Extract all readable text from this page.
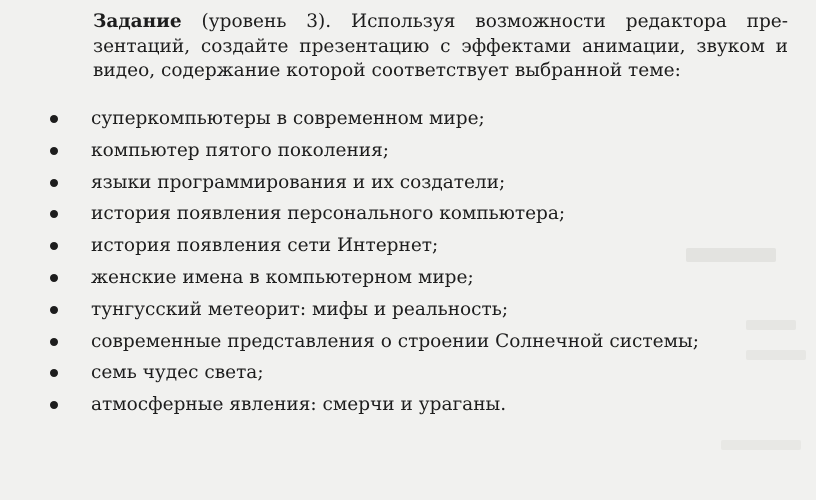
Задание (уровень 3). Используя возможности редактора пре-зентаций, создайте презентацию с эффектами анимации, звуком и видео, содержание которой соответствует выбранной теме:
суперкомпьютеры в современном мире;
компьютер пятого поколения;
языки программирования и их создатели;
история появления персонального компьютера;
история появления сети Интернет;
женские имена в компьютерном мире;
тунгусский метеорит: мифы и реальность;
современные представления о строении Солнечной системы;
семь чудес света;
атмосферные явления: смерчи и ураганы.
